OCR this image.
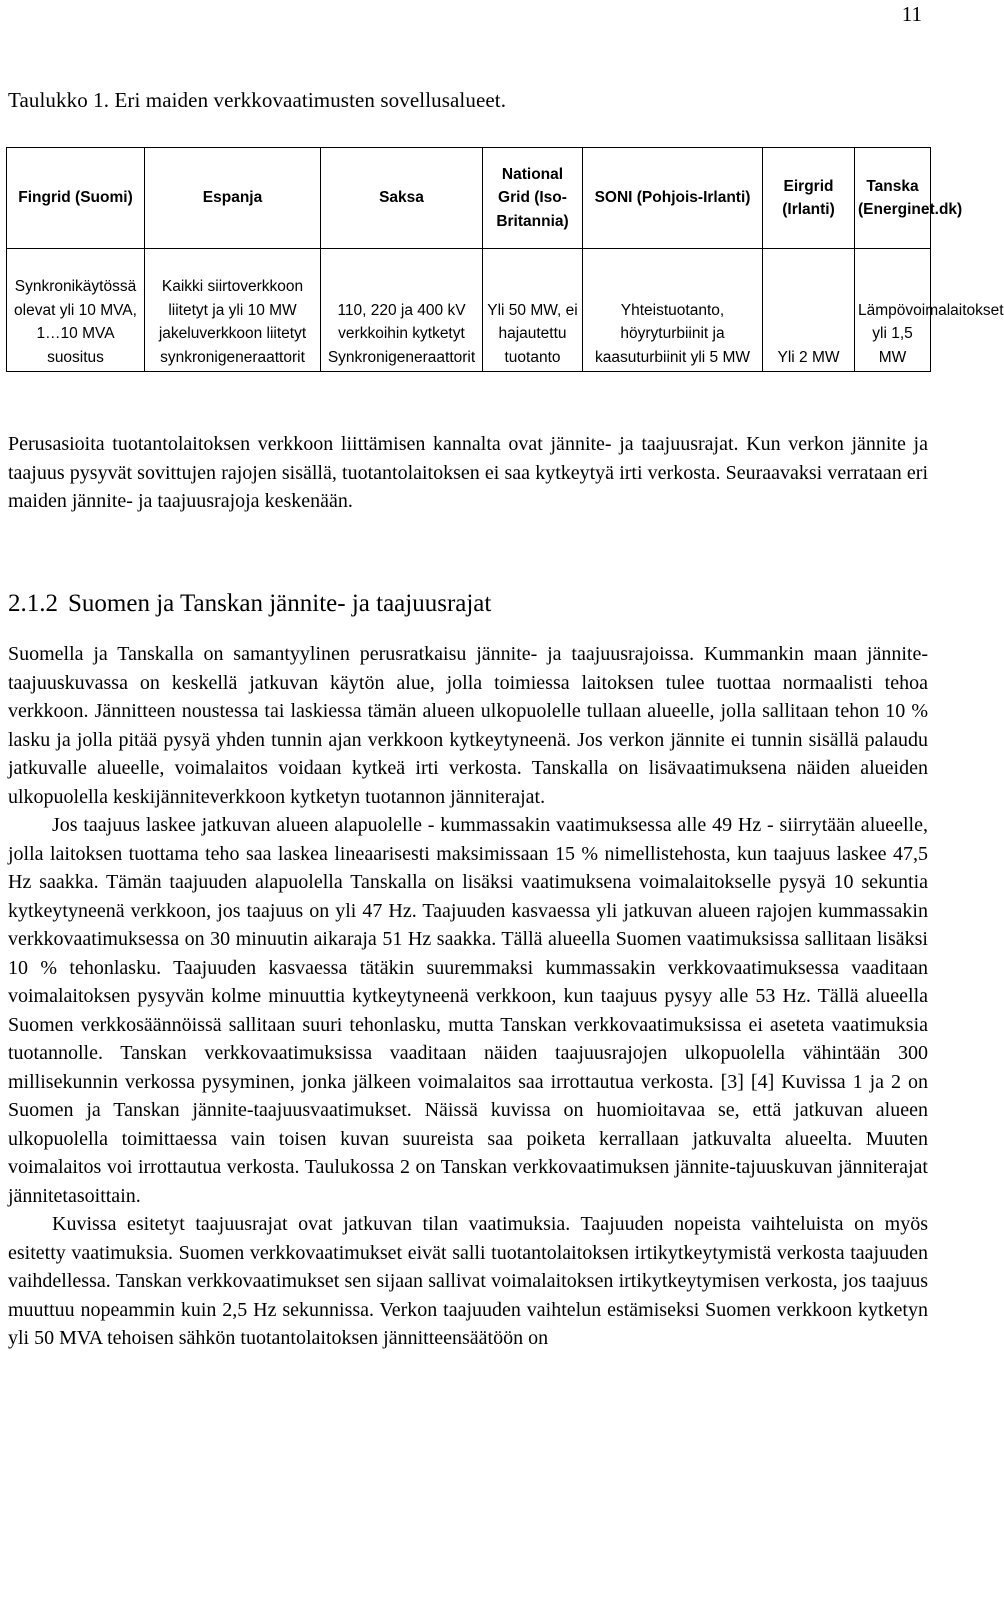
11
Taulukko 1. Eri maiden verkkovaatimusten sovellusalueet.
Fingrid (Suomi)	Espanja	Saksa	National Grid (Iso-Britannia)	SONI (Pohjois-Irlanti)	Eirgrid (Irlanti)	Tanska (Energinet.dk)
Synkronikäytössä olevat yli 10 MVA, 1…10 MVA suositus	Kaikki siirtoverkkoon liitetyt ja yli 10 MW jakeluverkkoon liitetyt synkronigeneraattorit	110, 220 ja 400 kV verkkoihin kytketyt Synkronigeneraattorit	Yli 50 MW, ei hajautettu tuotanto	Yhteistuotanto, höyryturbiinit ja kaasuturbiinit yli 5 MW	Yli 2 MW	Lämpövoimalaitokset yli 1,5 MW

Perusasioita tuotantolaitoksen verkkoon liittämisen kannalta ovat jännite- ja taajuusrajat. Kun verkon jännite ja taajuus pysyvät sovittujen rajojen sisällä, tuotantolaitoksen ei saa kytkeytyä irti verkosta. Seuraavaksi verrataan eri maiden jännite- ja taajuusrajoja keskenään.

2.1.2 Suomen ja Tanskan jännite- ja taajuusrajat

Suomella ja Tanskalla on samantyylinen perusratkaisu jännite- ja taajuusrajoissa. Kummankin maan jännite-taajuuskuvassa on keskellä jatkuvan käytön alue, jolla toimiessa laitoksen tulee tuottaa normaalisti tehoa verkkoon. Jännitteen noustessa tai laskiessa tämän alueen ulkopuolelle tullaan alueelle, jolla sallitaan tehon 10 % lasku ja jolla pitää pysyä yhden tunnin ajan verkkoon kytkeytyneenä. Jos verkon jännite ei tunnin sisällä palaudu jatkuvalle alueelle, voimalaitos voidaan kytkeä irti verkosta. Tanskalla on lisävaatimuksena näiden alueiden ulkopuolella keskijänniteverkkoon kytketyn tuotannon jänniterajat.

Jos taajuus laskee jatkuvan alueen alapuolelle - kummassakin vaatimuksessa alle 49 Hz - siirrytään alueelle, jolla laitoksen tuottama teho saa laskea lineaarisesti maksimissaan 15 % nimellistehosta, kun taajuus laskee 47,5 Hz saakka. Tämän taajuuden alapuolella Tanskalla on lisäksi vaatimuksena voimalaitokselle pysyä 10 sekuntia kytkeytyneenä verkkoon, jos taajuus on yli 47 Hz. Taajuuden kasvaessa yli jatkuvan alueen rajojen kummassakin verkkovaatimuksessa on 30 minuutin aikaraja 51 Hz saakka. Tällä alueella Suomen vaatimuksissa sallitaan lisäksi 10 % tehonlasku. Taajuuden kasvaessa tätäkin suuremmaksi kummassakin verkkovaatimuksessa vaaditaan voimalaitoksen pysyvän kolme minuuttia kytkeytyneenä verkkoon, kun taajuus pysyy alle 53 Hz. Tällä alueella Suomen verkkosäännöissä sallitaan suuri tehonlasku, mutta Tanskan verkkovaatimuksissa ei aseteta vaatimuksia tuotannolle. Tanskan verkkovaatimuksissa vaaditaan näiden taajuusrajojen ulkopuolella vähintään 300 millisekunnin verkossa pysyminen, jonka jälkeen voimalaitos saa irrottautua verkosta. [3] [4] Kuvissa 1 ja 2 on Suomen ja Tanskan jännite-taajuusvaatimukset. Näissä kuvissa on huomioitavaa se, että jatkuvan alueen ulkopuolella toimittaessa vain toisen kuvan suureista saa poiketa kerrallaan jatkuvalta alueelta. Muuten voimalaitos voi irrottautua verkosta. Taulukossa 2 on Tanskan verkkovaatimuksen jännite-tajuuskuvan jänniterajat jännitetasoittain.

Kuvissa esitetyt taajuusrajat ovat jatkuvan tilan vaatimuksia. Taajuuden nopeista vaihteluista on myös esitetty vaatimuksia. Suomen verkkovaatimukset eivät salli tuotantolaitoksen irtikytkeytymistä verkosta taajuuden vaihdellessa. Tanskan verkkovaatimukset sen sijaan sallivat voimalaitoksen irtikytkeytymisen verkosta, jos taajuus muuttuu nopeammin kuin 2,5 Hz sekunnissa. Verkon taajuuden vaihtelun estämiseksi Suomen verkkoon kytketyn yli 50 MVA tehoisen sähkön tuotantolaitoksen jännitteensäätöön on
